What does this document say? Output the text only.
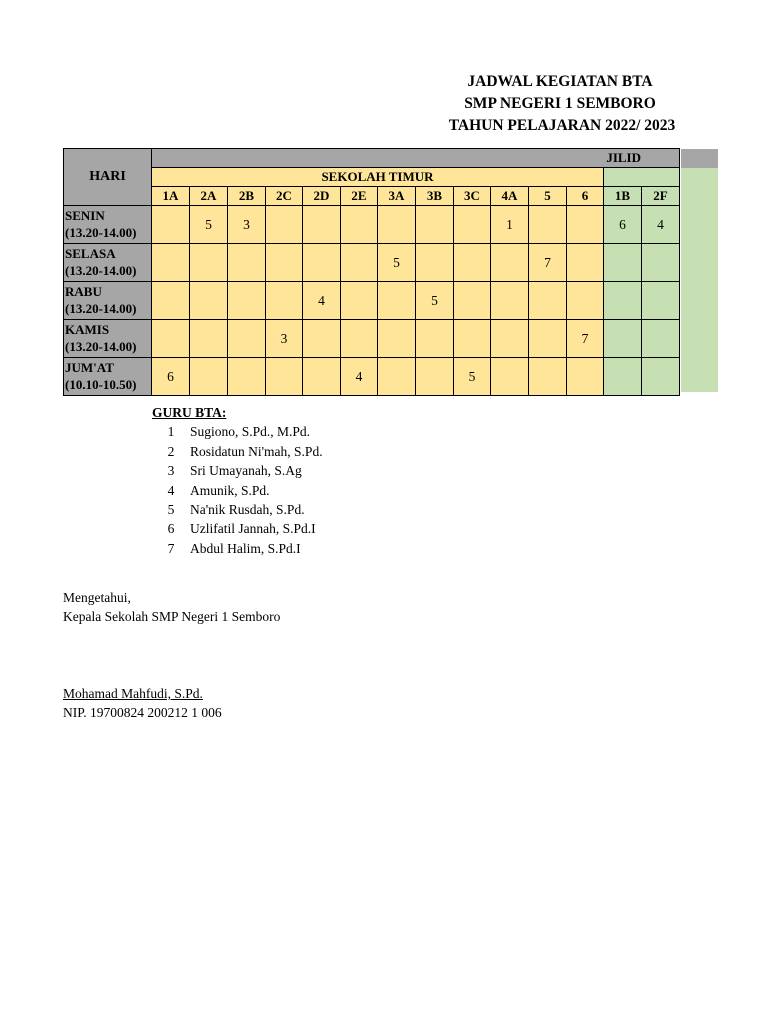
JADWAL KEGIATAN BTA
SMP NEGERI 1 SEMBORO
TAHUN PELAJARAN 2022/ 2023
HARI	JILID													
	SEKOLAH TIMUR													
	1A	2A	2B	2C	2D	2E	3A	3B	3C	4A	5	6	1B	2F

SENIN
(13.20-14.00)		5	3							1			6	4

SELASA
(13.20-14.00)							5				7			

RABU
(13.20-14.00)					4			5						

KAMIS
(13.20-14.00)				3								7		

JUM'AT
(10.10-10.50)	6					4			5					
GURU BTA:
1 Sugiono, S.Pd., M.Pd.
2 Rosidatun Ni'mah, S.Pd.
3 Sri Umayanah, S.Ag
4 Amunik, S.Pd.
5 Na'nik Rusdah, S.Pd.
6 Uzlifatil Jannah, S.Pd.I
7 Abdul Halim, S.Pd.I
Mengetahui,
Kepala Sekolah SMP Negeri 1 Semboro
Mohamad Mahfudi, S.Pd.
NIP. 19700824 200212 1 006
